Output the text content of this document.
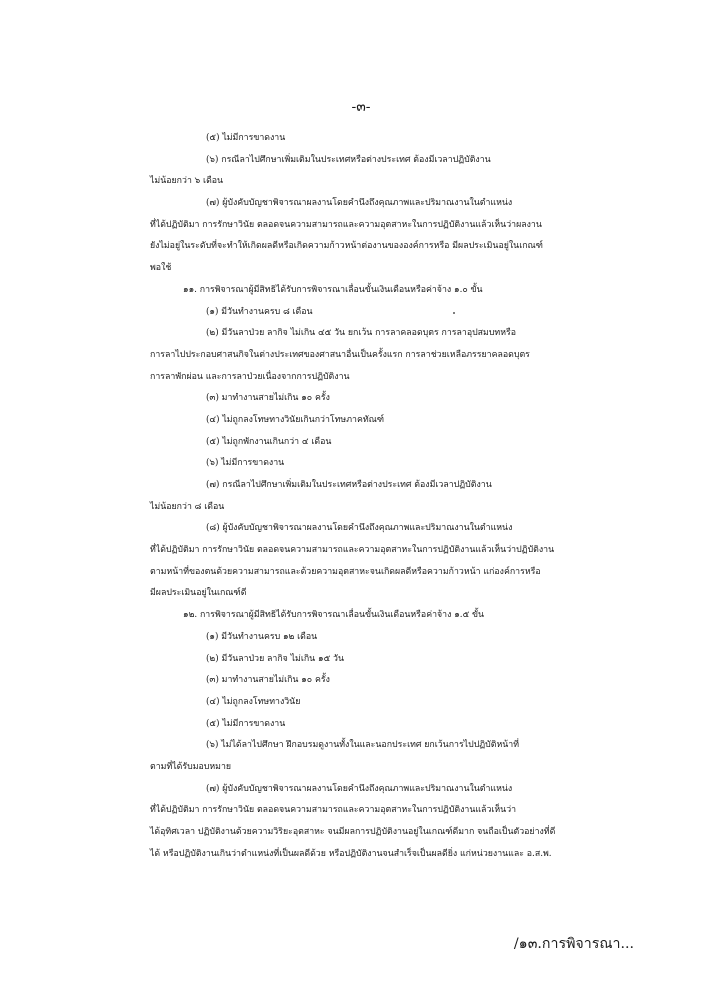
-๓-
(๕) ไม่มีการขาดงาน
(๖) กรณีลาไปศึกษาเพิ่มเติมในประเทศหรือต่างประเทศ ต้องมีเวลาปฏิบัติงาน
ไม่น้อยกว่า ๖ เดือน
(๗) ผู้บังคับบัญชาพิจารณาผลงานโดยคำนึงถึงคุณภาพและปริมาณงานในตำแหน่ง
ที่ได้ปฏิบัติมา การรักษาวินัย ตลอดจนความสามารถและความอุตสาหะในการปฏิบัติงานแล้วเห็นว่าผลงาน
ยังไม่อยู่ในระดับที่จะทำให้เกิดผลดีหรือเกิดความก้าวหน้าต่องานขององค์การหรือ มีผลประเมินอยู่ในเกณฑ์
พอใช้
๑๑. การพิจารณาผู้มีสิทธิได้รับการพิจารณาเลื่อนขั้นเงินเดือนหรือค่าจ้าง ๑.๐ ขั้น
(๑) มีวันทำงานครบ ๘ เดือน
(๒) มีวันลาป่วย ลากิจ ไม่เกิน ๔๕ วัน ยกเว้น การลาคลอดบุตร การลาอุปสมบทหรือ
การลาไปประกอบศาสนกิจในต่างประเทศของศาสนาอื่นเป็นครั้งแรก การลาช่วยเหลือภรรยาคลอดบุตร
การลาพักผ่อน และการลาป่วยเนื่องจากการปฏิบัติงาน
(๓) มาทำงานสายไม่เกิน ๑๐ ครั้ง
(๔) ไม่ถูกลงโทษทางวินัยเกินกว่าโทษภาคทัณฑ์
(๕) ไม่ถูกพักงานเกินกว่า ๔ เดือน
(๖) ไม่มีการขาดงาน
(๗) กรณีลาไปศึกษาเพิ่มเติมในประเทศหรือต่างประเทศ ต้องมีเวลาปฏิบัติงาน
ไม่น้อยกว่า ๘ เดือน
(๘) ผู้บังคับบัญชาพิจารณาผลงานโดยคำนึงถึงคุณภาพและปริมาณงานในตำแหน่ง
ที่ได้ปฏิบัติมา การรักษาวินัย ตลอดจนความสามารถและความอุตสาหะในการปฏิบัติงานแล้วเห็นว่าปฏิบัติงาน
ตามหน้าที่ของตนด้วยความสามารถและด้วยความอุตสาหะจนเกิดผลดีหรือความก้าวหน้า แก่องค์การหรือ
มีผลประเมินอยู่ในเกณฑ์ดี
๑๒. การพิจารณาผู้มีสิทธิได้รับการพิจารณาเลื่อนขั้นเงินเดือนหรือค่าจ้าง ๑.๕ ขั้น
(๑) มีวันทำงานครบ ๑๒ เดือน
(๒) มีวันลาป่วย ลากิจ ไม่เกิน ๑๕ วัน
(๓) มาทำงานสายไม่เกิน ๑๐ ครั้ง
(๔) ไม่ถูกลงโทษทางวินัย
(๕) ไม่มีการขาดงาน
(๖) ไม่ได้ลาไปศึกษา ฝึกอบรมดูงานทั้งในและนอกประเทศ ยกเว้นการไปปฏิบัติหน้าที่
ตามที่ได้รับมอบหมาย
(๗) ผู้บังคับบัญชาพิจารณาผลงานโดยคำนึงถึงคุณภาพและปริมาณงานในตำแหน่ง
ที่ได้ปฏิบัติมา การรักษาวินัย ตลอดจนความสามารถและความอุตสาหะในการปฏิบัติงานแล้วเห็นว่า
ได้อุทิศเวลา ปฏิบัติงานด้วยความวิริยะอุตสาหะ จนมีผลการปฏิบัติงานอยู่ในเกณฑ์ดีมาก จนถือเป็นตัวอย่างที่ดี
ได้ หรือปฏิบัติงานเกินว่าตำแหน่งที่เป็นผลดีด้วย หรือปฏิบัติงานจนสำเร็จเป็นผลดียิ่ง แก่หน่วยงานและ อ.ส.พ.
/๑๓.การพิจารณา...
